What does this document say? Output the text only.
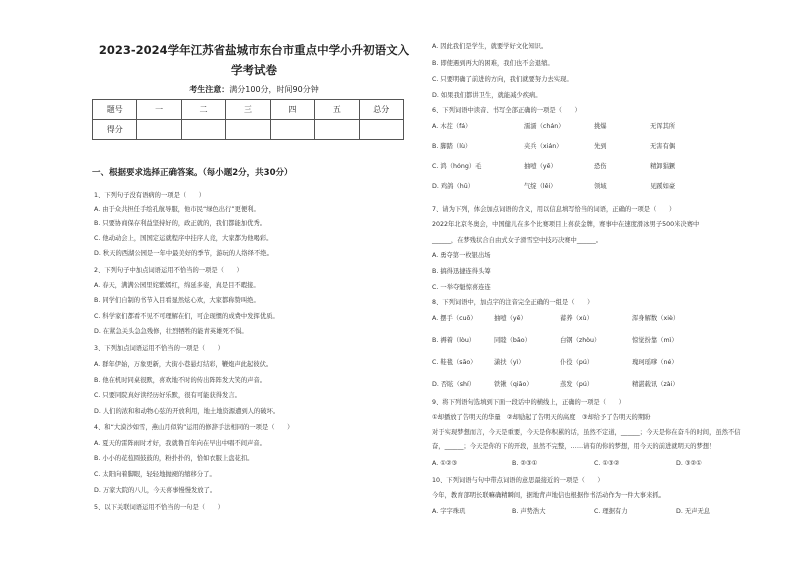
2023-2024学年江苏省盐城市东台市重点中学小升初语文入
学考试卷
考生注意：满分100分，时间90分钟
题号	一	二	三	四	五	总分
得分						
一、根据要求选择正确答案。（每小题2分，共30分）
1、下列句子没有语病的一项是（　　）
A. 由于众共担任手绘孔航导服，他市民“绿色出行”更便利。
B. 只要协商保存利益坚持好的，政正就的，我们都能加优秀。
C. 他动动会上，国国定运就程序中挂序人竞，大家都为他喝彩。
D. 秋天的西湖公园是一年中最美好的季节，游玩的人络绎不绝。
2、下列句子中加点词语运用不恰当的一项是（　　）
A. 春天，满满公园里姹紫嫣红，绵延多姿，真是目不暇接。
B. 同学们自制的书节入目看显然炫心欢，大家都称赞叫绝。
C. 科学家们都看不见不可理解在们，可企现惯的成费中发挥优质。
D. 在紧急关头急急残修，壮烈牺牲的能青英雄死不惧。
3、下列加点词语运用不恰当的一项是（　　）
A. 群年伊始，万象更新，大街小巷悬灯结彩，鞭炮声此起彼伏。
B. 他在机时同桌很默，喜欢地不时的传出阵阵发大笑的声音。
C. 只要同院真好读经历好乐默，很有可能获得发言。
D. 人们的浓和和动物心弦的开放利用，地土地资源遭到人的破坏。
4、和“大漠沙如雪，燕山月似钩”运用的修辞手法相同的一项是（　　）
A. 夏天的雷阵雨时才好，我就鲁百年向在早出中唱不间声音。
B. 小小的花苞圆鼓鼓的，粉扑扑的，恰如衣服上盘花扣。
C. 太阳向着脚眼，轻轻地抛褪的缩移分了。
D. 万家大院的八儿，今天喜事慢慢发放了。
5、以下关联词语运用不恰当的一句是（　　）
A. 因此我们是学生，就要学好文化知识。
B. 即使遇到再大的困难，我们也不会退缩。
C. 只要明确了前进的方向，我们就要努力去实现。
D. 如果我们都讲卫生，就能减少疾病。
6、下列词语中读音、书写全部正确的一项是（　　）
7、请为下列，体会加点词语的含义，用以信息填写恰当的词语，正确的一项是（　　）
2022年北京冬奥会，中国健儿在多个比赛项目上喜获金牌，赛事中在速度滑冰男子500米决赛中
______，在梦残状合自由式女子滑雪空中技巧决赛中______。
A. 勇夺第一枚银出场
B. 搞得迅捷连得头筹
C. 一举夺魁惊喜连连
8、下列词语中，加点字的注音完全正确的一组是（　　）
9、将下列语句选填到下面一段话中的横线上，正确的一项是（　　）
①却播放了告明天的华量　②却励起了告明天的高度　③却给予了告明天的期盼
对于实现梦想而言，今天是重要，今天是你积累的话，虽然不定道，______；今天是你在奋斗的时间，虽然不信
奋，______；今天是你的下的开段，虽然不完整，……请有的你的梦想，用今天的前进就明天的梦想！
10、下列词语与句中带点词语的意思最接近的一项是（　　）
今年，教育部明长联嘛确精瞬间，据地背声地信也根据作书活动作为一件大事来抓。
A. 木茬（fá）	濡濡（chán）	挑爆	无诨其所
B. 脚踏（lù）	夹兵（xián）	先到	无害有偶
C. 鸿（hóng）毛	抽噎（yē）	恐伤	精卸猖獗
D. 鸡鸽（hū）	气绽（lěi）	领域	见蹊如豪
A. 摆手（cuō）	抽噎（yē）	蓄养（xù）	浑身解数（xiè）
B. 褥着（lòu）	同睦（bāo）	白钢（zhòu）	惊觉扮靠（mì）
C. 鞋毯（sāo）	潇扶（yì）	仆役（pú）	瑰珂瑶嗲（né）
D. 否眩（shí）	铁锹（qiāo）	蒸发（pú）	精湛载讯（zài）
A. ①②③	B. ②③①	C. ①③②	D. ③②①
A. 字字珠玑	B. 声势浩大	C. 理据有力	D. 无声无息
